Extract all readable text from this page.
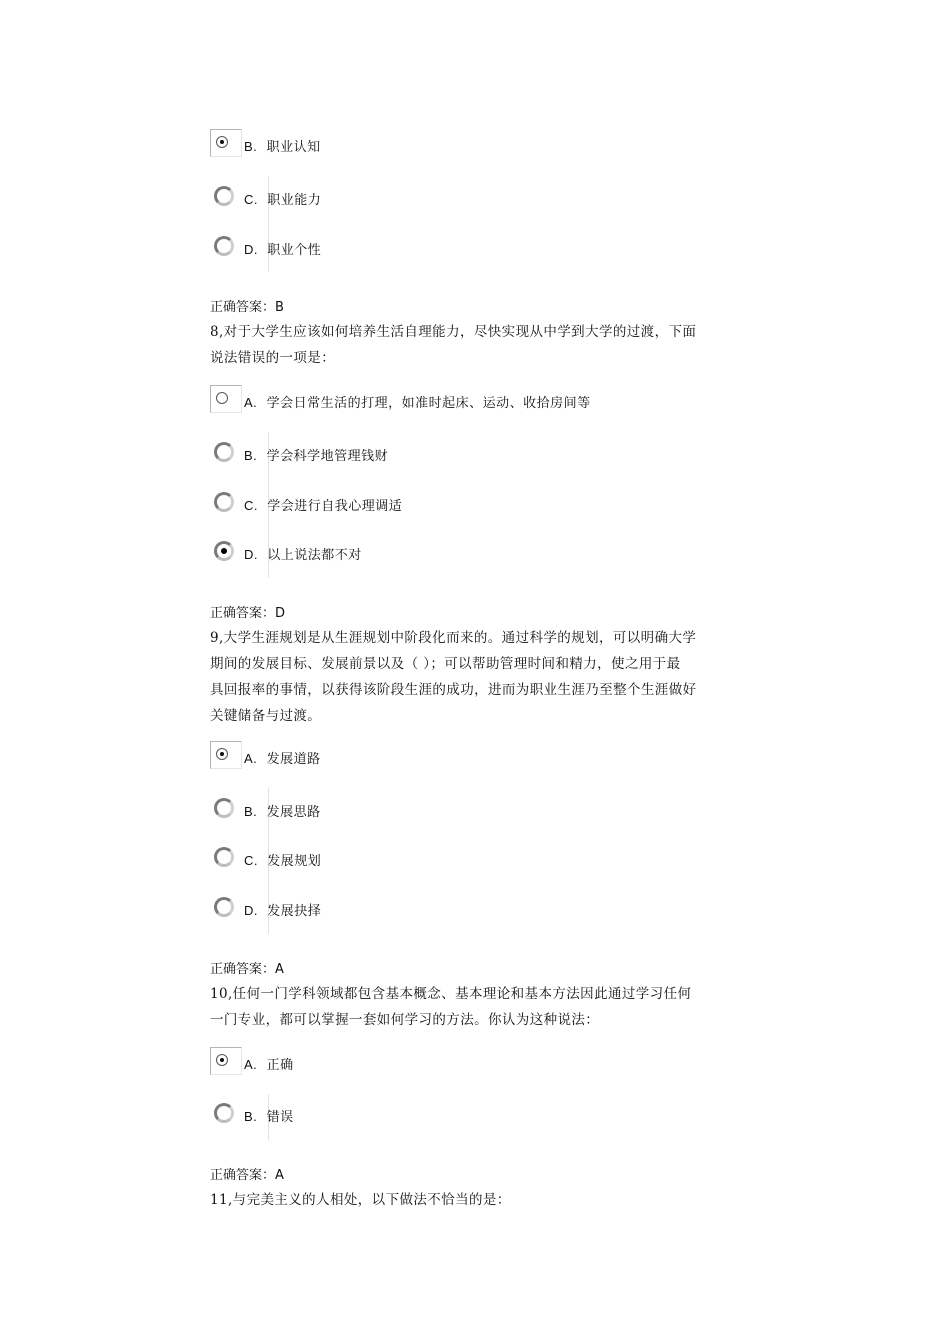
B. 职业认知
C. 职业能力
D. 职业个性
正确答案：B
8,对于大学生应该如何培养生活自理能力，尽快实现从中学到大学的过渡，下面
说法错误的一项是：
A. 学会日常生活的打理，如准时起床、运动、收拾房间等
B. 学会科学地管理钱财
C. 学会进行自我心理调适
D. 以上说法都不对
正确答案：D
9,大学生涯规划是从生涯规划中阶段化而来的。通过科学的规划，可以明确大学
期间的发展目标、发展前景以及（ ）；可以帮助管理时间和精力，使之用于最
具回报率的事情，以获得该阶段生涯的成功，进而为职业生涯乃至整个生涯做好
关键储备与过渡。
A. 发展道路
B. 发展思路
C. 发展规划
D. 发展抉择
正确答案：A
10,任何一门学科领域都包含基本概念、基本理论和基本方法因此通过学习任何
一门专业，都可以掌握一套如何学习的方法。你认为这种说法：
A. 正确
B. 错误
正确答案：A
11,与完美主义的人相处，以下做法不恰当的是：
